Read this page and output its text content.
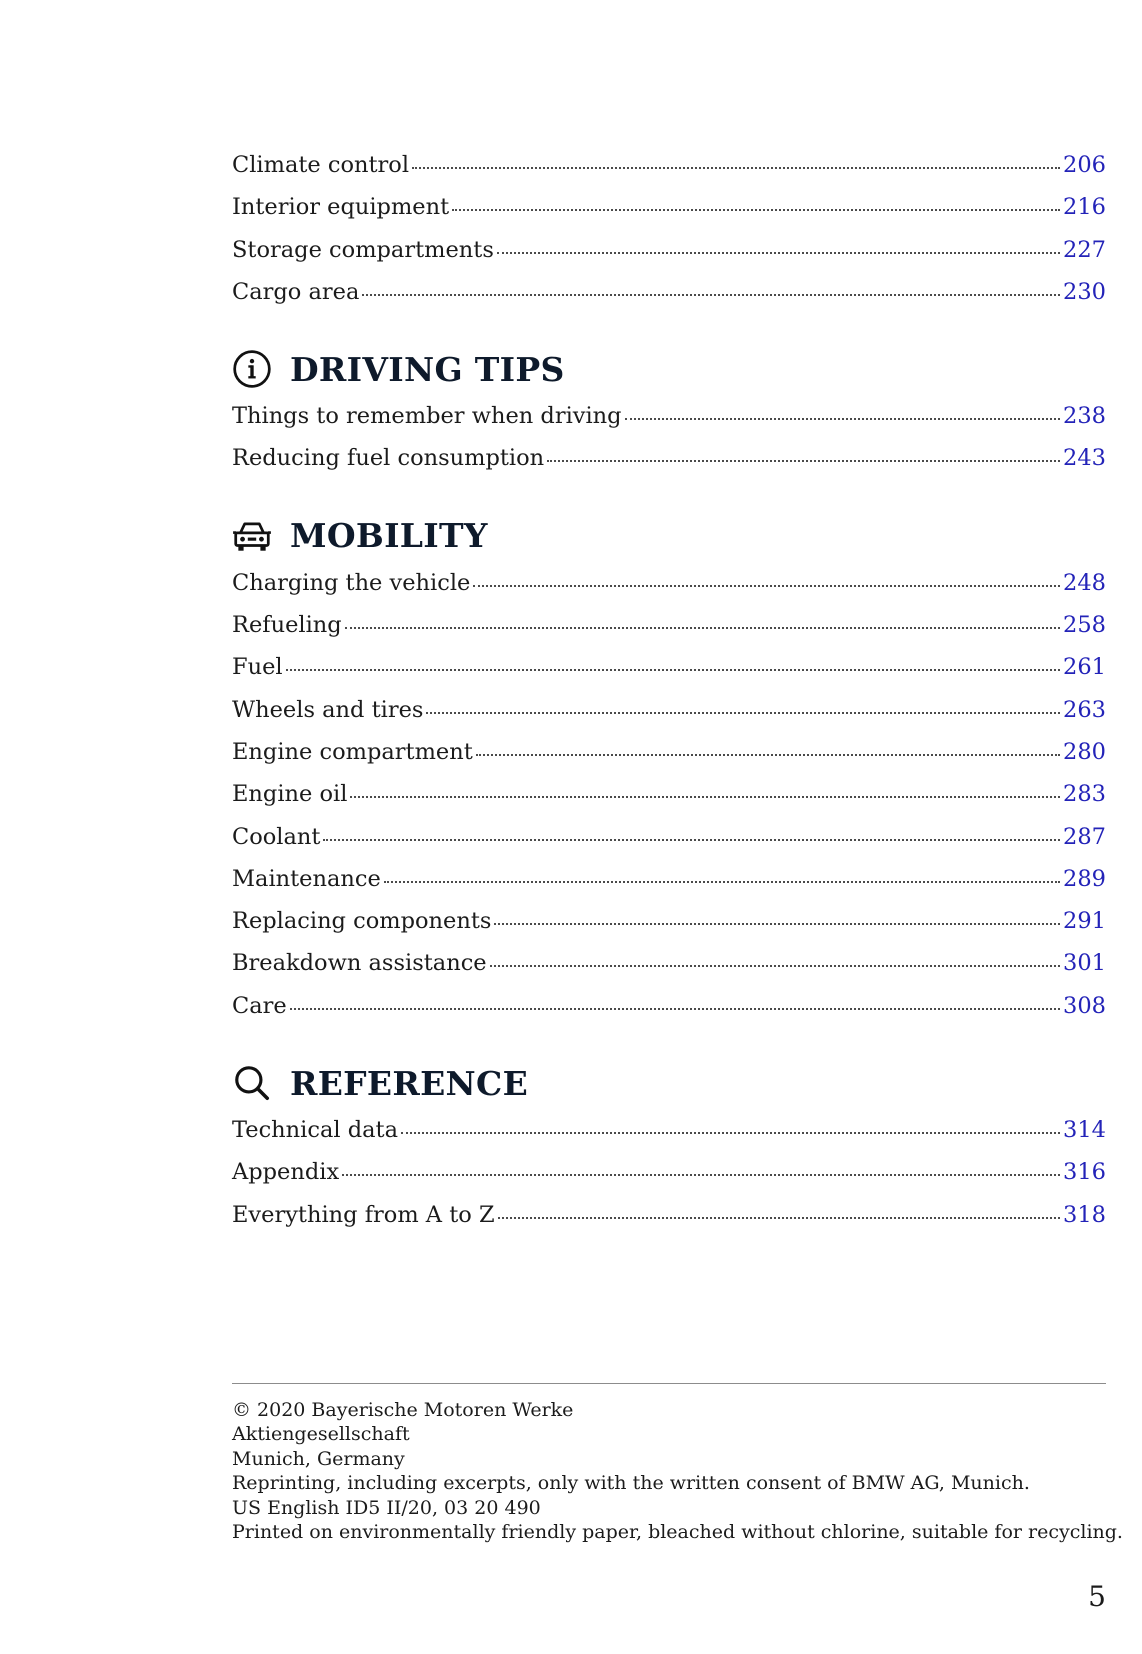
Climate control	206
Interior equipment	216
Storage compartments	227
Cargo area	230
DRIVING TIPS
Things to remember when driving	238
Reducing fuel consumption	243
MOBILITY
Charging the vehicle	248
Refueling	258
Fuel	261
Wheels and tires	263
Engine compartment	280
Engine oil	283
Coolant	287
Maintenance	289
Replacing components	291
Breakdown assistance	301
Care	308
REFERENCE
Technical data	314
Appendix	316
Everything from A to Z	318
© 2020 Bayerische Motoren Werke
Aktiengesellschaft
Munich, Germany
Reprinting, including excerpts, only with the written consent of BMW AG, Munich.
US English ID5 II/20, 03 20 490
Printed on environmentally friendly paper, bleached without chlorine, suitable for recycling.
5
